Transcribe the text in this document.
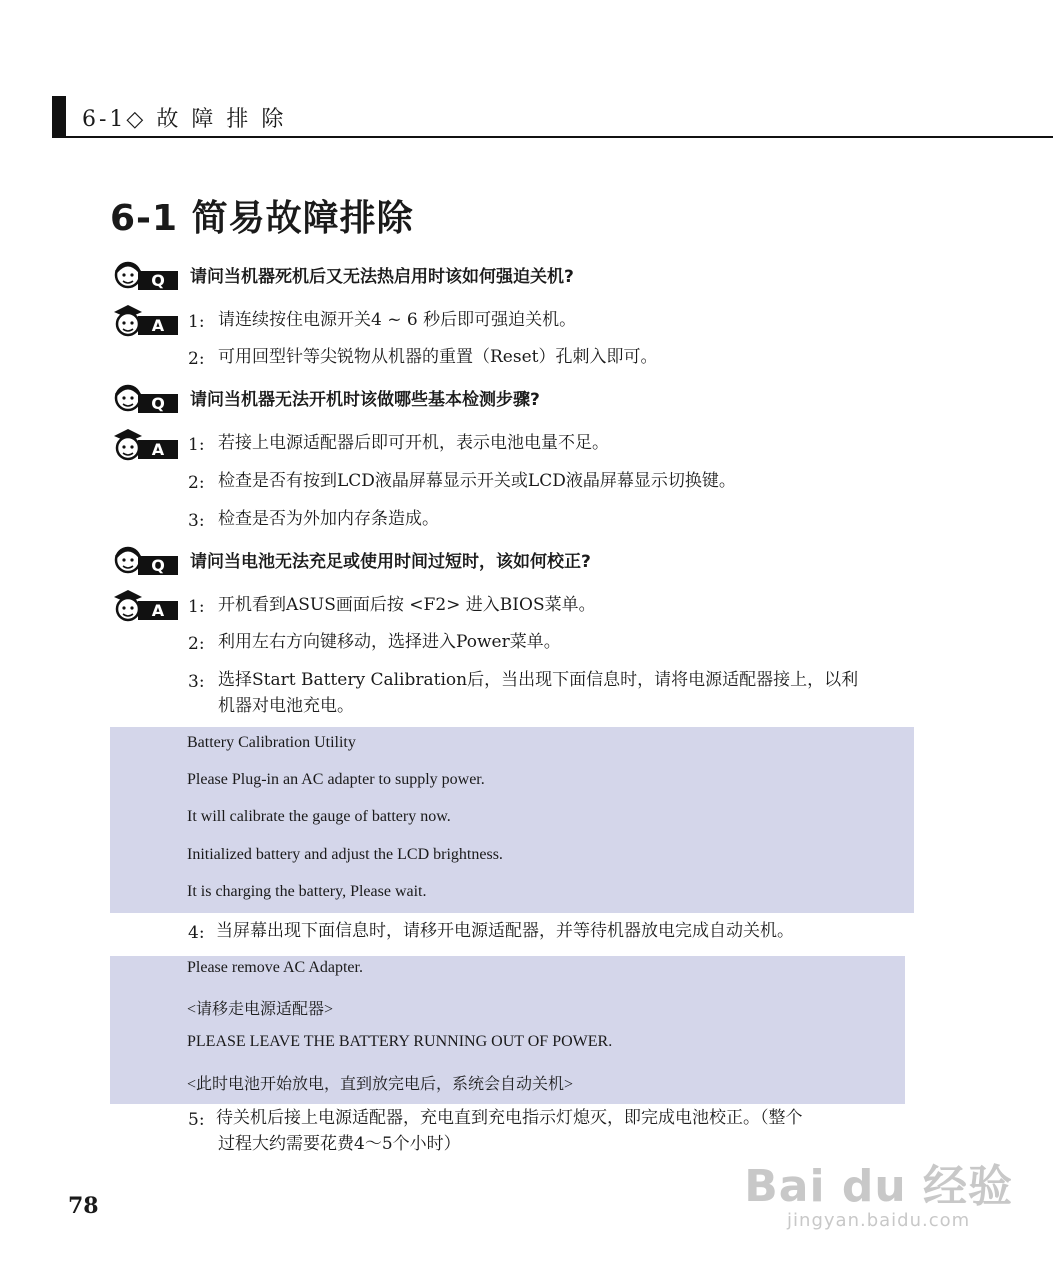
6-1◇ 故 障 排 除
6-1 简易故障排除
Q 请问当机器死机后又无法热启用时该如何强迫关机?
A 1: 请连续按住电源开关4 ~ 6 秒后即可强迫关机。
2: 可用回型针等尖锐物从机器的重置（Reset）孔刺入即可。
Q 请问当机器无法开机时该做哪些基本检测步骤?
A 1: 若接上电源适配器后即可开机，表示电池电量不足。
2: 检查是否有按到LCD液晶屏幕显示开关或LCD液晶屏幕显示切换键。
3: 检查是否为外加内存条造成。
Q 请问当电池无法充足或使用时间过短时，该如何校正?
A 1: 开机看到ASUS画面后按 <F2> 进入BIOS菜单。
2: 利用左右方向键移动，选择进入Power菜单。
3: 选择Start Battery Calibration后，当出现下面信息时，请将电源适配器接上，以利
机器对电池充电。
Battery Calibration Utility
Please Plug-in an AC adapter to supply power.
It will calibrate the gauge of battery now.
Initialized battery and adjust the LCD brightness.
It is charging the battery, Please wait.
4: 当屏幕出现下面信息时，请移开电源适配器，并等待机器放电完成自动关机。
Please remove AC Adapter.
<请移走电源适配器>
PLEASE LEAVE THE BATTERY RUNNING OUT OF POWER.
<此时电池开始放电，直到放完电后，系统会自动关机>
5: 待关机后接上电源适配器，充电直到充电指示灯熄灭，即完成电池校正。（整个
过程大约需要花费4～5个小时）
78	Bai du 经验
jingyan.baidu.com
